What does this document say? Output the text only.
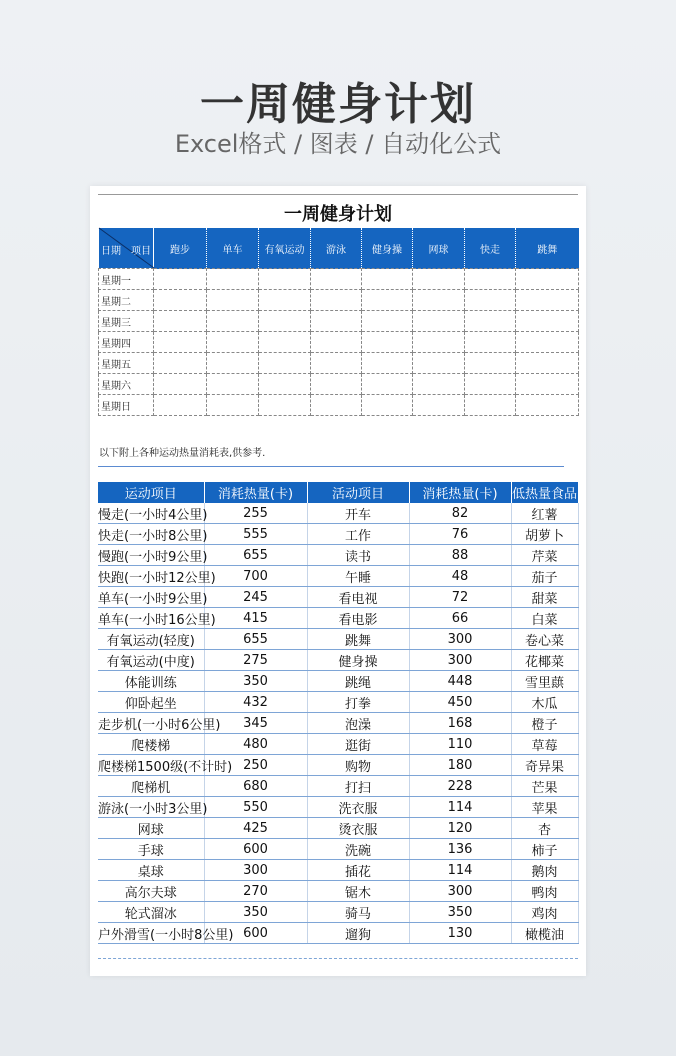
一周健身计划
Excel格式 / 图表 / 自动化公式
一周健身计划
日期 项目	跑步	单车	有氧运动	游泳	健身操	网球	快走	跳舞
星期一								
星期二								
星期三								
星期四								
星期五								
星期六								
星期日								
以下附上各种运动热量消耗表,供参考.
运动项目	消耗热量(卡)	活动项目	消耗热量(卡)	低热量食品
慢走(一小时4公里)	255	开车	82	红薯
快走(一小时8公里)	555	工作	76	胡萝卜
慢跑(一小时9公里)	655	读书	88	芹菜
快跑(一小时12公里)	700	午睡	48	茄子
单车(一小时9公里)	245	看电视	72	甜菜
单车(一小时16公里)	415	看电影	66	白菜
有氧运动(轻度)	655	跳舞	300	卷心菜
有氧运动(中度)	275	健身操	300	花椰菜
体能训练	350	跳绳	448	雪里蕻
仰卧起坐	432	打拳	450	木瓜
走步机(一小时6公里)	345	泡澡	168	橙子
爬楼梯	480	逛街	110	草莓
爬楼梯1500级(不计时)	250	购物	180	奇异果
爬梯机	680	打扫	228	芒果
游泳(一小时3公里)	550	洗衣服	114	苹果
网球	425	烫衣服	120	杏
手球	600	洗碗	136	柿子
桌球	300	插花	114	鹅肉
高尔夫球	270	锯木	300	鸭肉
轮式溜冰	350	骑马	350	鸡肉
户外滑雪(一小时8公里)	600	遛狗	130	橄榄油
